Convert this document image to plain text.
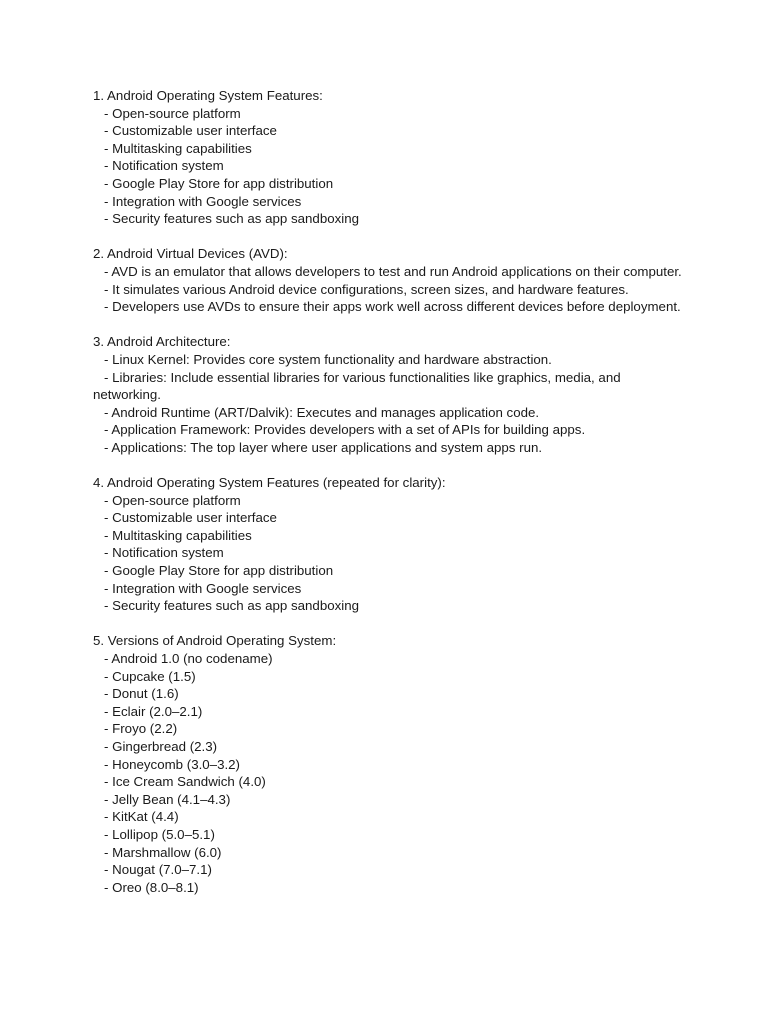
1. Android Operating System Features:
- Open-source platform
- Customizable user interface
- Multitasking capabilities
- Notification system
- Google Play Store for app distribution
- Integration with Google services
- Security features such as app sandboxing
2. Android Virtual Devices (AVD):
- AVD is an emulator that allows developers to test and run Android applications on their computer.
- It simulates various Android device configurations, screen sizes, and hardware features.
- Developers use AVDs to ensure their apps work well across different devices before deployment.
3. Android Architecture:
- Linux Kernel: Provides core system functionality and hardware abstraction.
- Libraries: Include essential libraries for various functionalities like graphics, media, and networking.
- Android Runtime (ART/Dalvik): Executes and manages application code.
- Application Framework: Provides developers with a set of APIs for building apps.
- Applications: The top layer where user applications and system apps run.
4. Android Operating System Features (repeated for clarity):
- Open-source platform
- Customizable user interface
- Multitasking capabilities
- Notification system
- Google Play Store for app distribution
- Integration with Google services
- Security features such as app sandboxing
5. Versions of Android Operating System:
- Android 1.0 (no codename)
- Cupcake (1.5)
- Donut (1.6)
- Eclair (2.0–2.1)
- Froyo (2.2)
- Gingerbread (2.3)
- Honeycomb (3.0–3.2)
- Ice Cream Sandwich (4.0)
- Jelly Bean (4.1–4.3)
- KitKat (4.4)
- Lollipop (5.0–5.1)
- Marshmallow (6.0)
- Nougat (7.0–7.1)
- Oreo (8.0–8.1)
